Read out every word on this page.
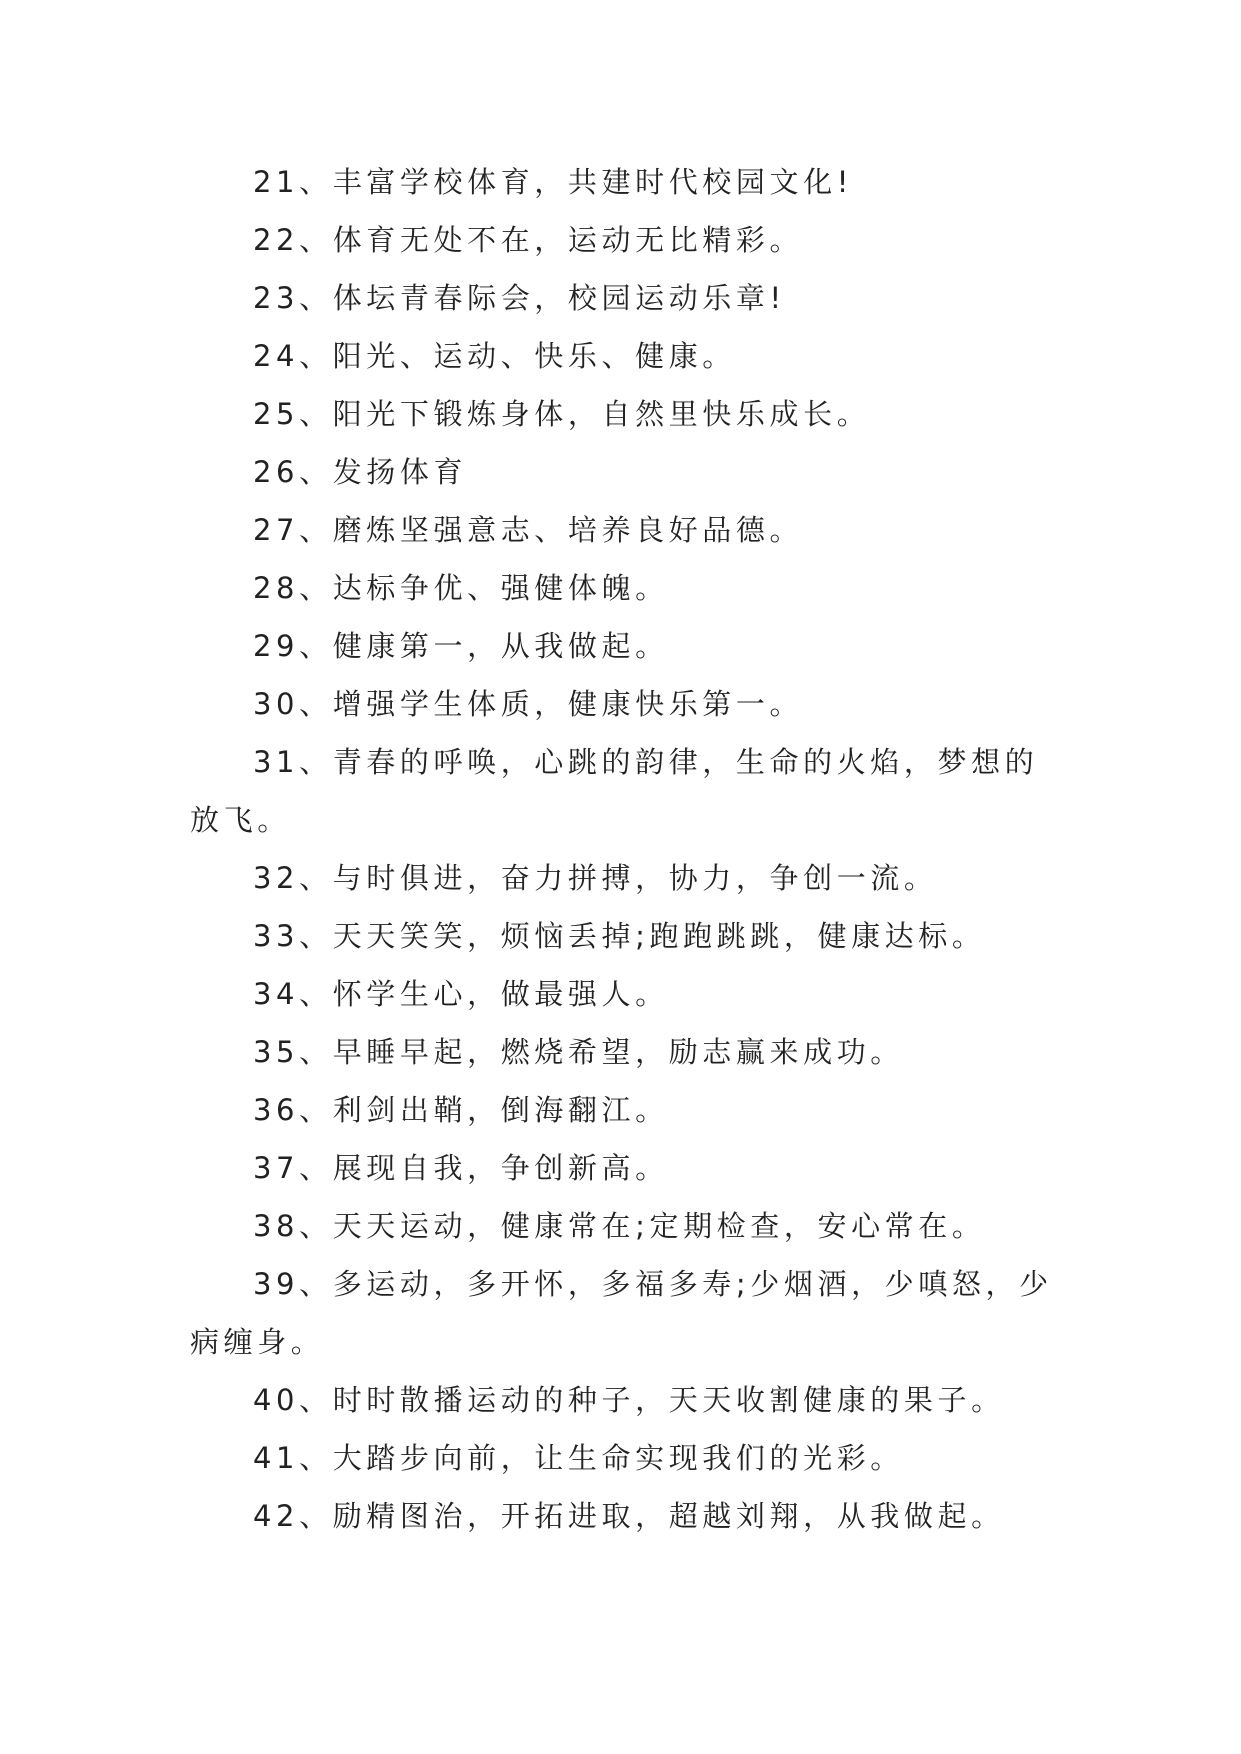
21、丰富学校体育，共建时代校园文化!

22、体育无处不在，运动无比精彩。

23、体坛青春际会，校园运动乐章!

24、阳光、运动、快乐、健康。

25、阳光下锻炼身体，自然里快乐成长。

26、发扬体育

27、磨炼坚强意志、培养良好品德。

28、达标争优、强健体魄。

29、健康第一，从我做起。

30、增强学生体质，健康快乐第一。

31、青春的呼唤，心跳的韵律，生命的火焰，梦想的放飞。

32、与时俱进，奋力拼搏，协力，争创一流。

33、天天笑笑，烦恼丢掉;跑跑跳跳，健康达标。

34、怀学生心，做最强人。

35、早睡早起，燃烧希望，励志赢来成功。

36、利剑出鞘，倒海翻江。

37、展现自我，争创新高。

38、天天运动，健康常在;定期检查，安心常在。

39、多运动，多开怀，多福多寿;少烟酒，少嗔怒，少病缠身。

40、时时散播运动的种子，天天收割健康的果子。

41、大踏步向前，让生命实现我们的光彩。

42、励精图治，开拓进取，超越刘翔，从我做起。
